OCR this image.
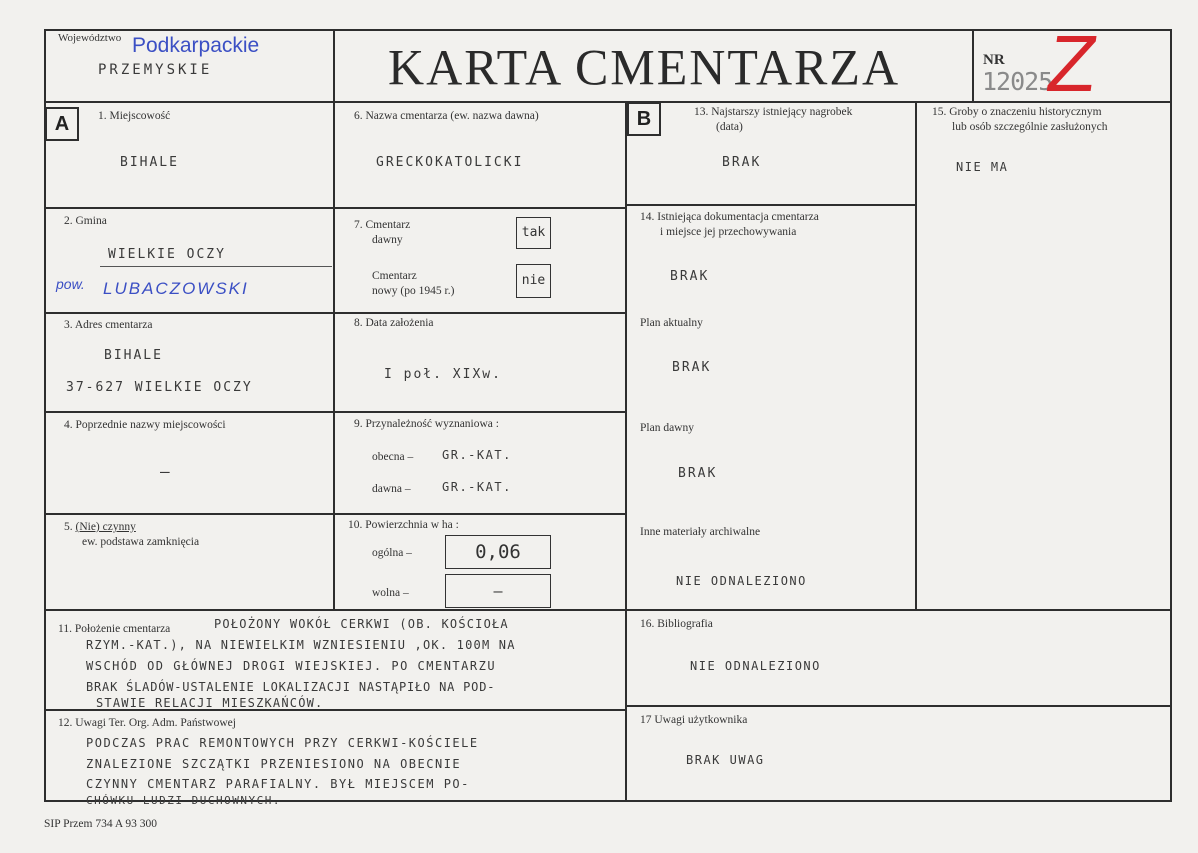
Województwo Podkarpackie
PRZEMYSKIE	KARTA CMENTARZA	NR
12025
Z
A	B
1. Miejscowość
BIHALE
2. Gmina
WIELKIE OCZY
pow. LUBACZOWSKI
3. Adres cmentarza
BIHALE
37-627 WIELKIE OCZY
4. Poprzednie nazwy miejscowości
—
5. (Nie) czynny
ew. podstawa zamknięcia
6. Nazwa cmentarza (ew. nazwa dawna)
GRECKOKATOLICKI
7. Cmentarz
dawny	tak
Cmentarz
nowy (po 1945 r.)
nie
8. Data założenia
I poł. XIXw.
9. Przynależność wyznaniowa :
obecna – GR.-KAT.
dawna –	GR.-KAT.
10. Powierzchnia w ha :
ogólna –	0,06
wolna –	–
11. Położenie cmentarza	POŁOŻONY WOKÓŁ CERKWI (OB. KOŚCIOŁA
RZYM.-KAT.), NA NIEWIELKIM WZNIESIENIU ,OK. 100M NA
WSCHÓD OD GŁÓWNEJ DROGI WIEJSKIEJ. PO CMENTARZU
BRAK ŚLADÓW-USTALENIE LOKALIZACJI NASTĄPIŁO NA POD-
STAWIE RELACJI MIESZKAŃCÓW.
12. Uwagi Ter. Org. Adm. Państwowej
PODCZAS PRAC REMONTOWYCH PRZY CERKWI-KOŚCIELE
ZNALEZIONE SZCZĄTKI PRZENIESIONO NA OBECNIE
CZYNNY CMENTARZ PARAFIALNY. BYŁ MIEJSCEM PO-
CHÓWKU LUDZI DUCHOWNYCH.
13. Najstarszy istniejący nagrobek
(data)
BRAK
14. Istniejąca dokumentacja cmentarza
i miejsce jej przechowywania
BRAK
Plan aktualny
BRAK
Plan dawny
BRAK
Inne materiały archiwalne
NIE ODNALEZIONO
15. Groby o znaczeniu historycznym
lub osób szczególnie zasłużonych
NIE MA
16. Bibliografia
NIE ODNALEZIONO
17 Uwagi użytkownika
BRAK UWAG
SIP Przem 734 A 93 300
